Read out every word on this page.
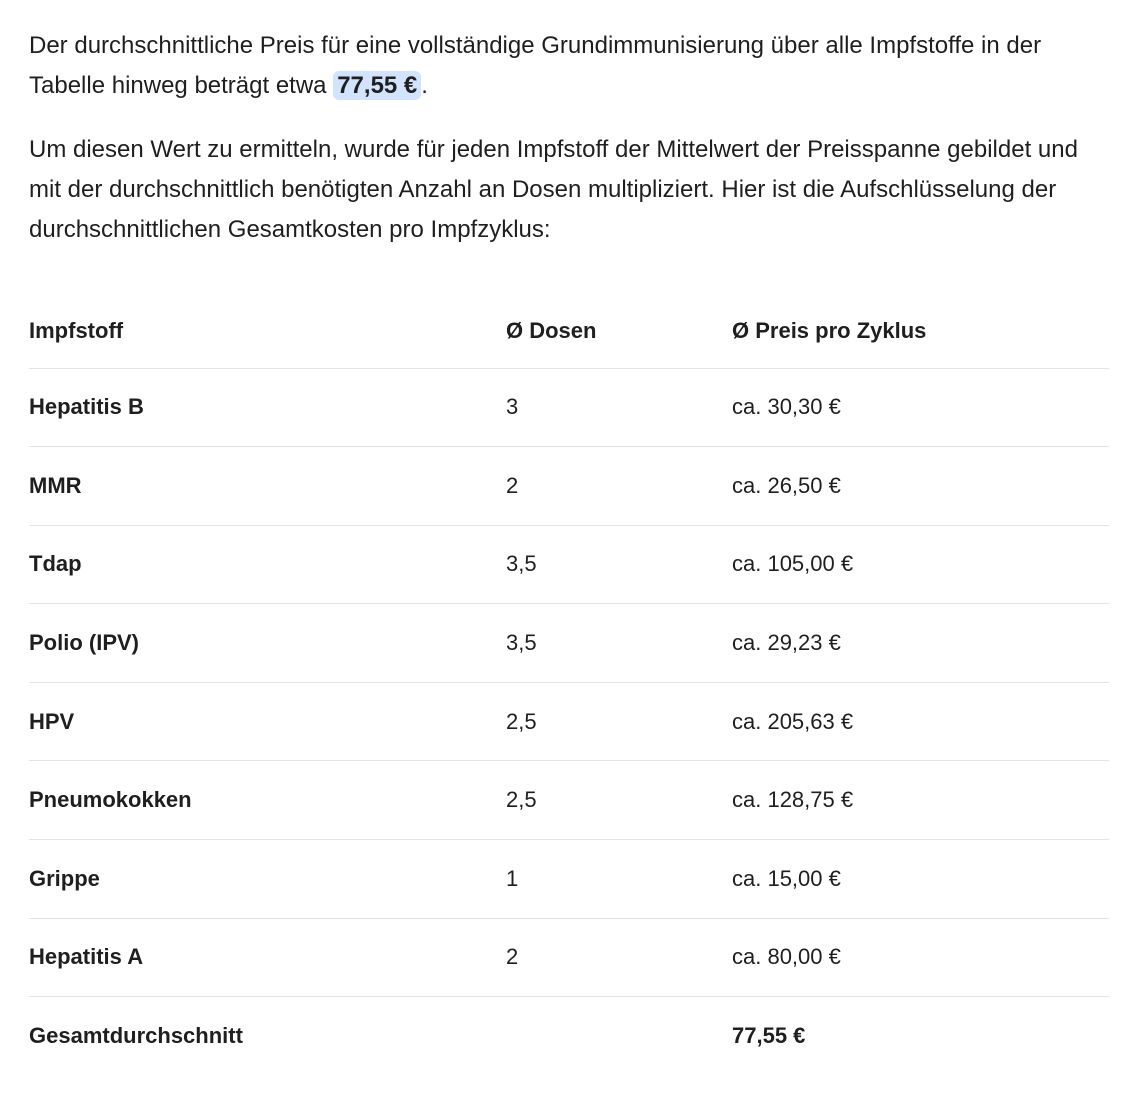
Der durchschnittliche Preis für eine vollständige Grundimmunisierung über alle Impfstoffe in der Tabelle hinweg beträgt etwa 77,55 € .

Um diesen Wert zu ermitteln, wurde für jeden Impfstoff der Mittelwert der Preisspanne gebildet und mit der durchschnittlich benötigten Anzahl an Dosen multipliziert. Hier ist die Aufschlüsselung der durchschnittlichen Gesamtkosten pro Impfzyklus:

Impfstoff	Ø Dosen	Ø Preis pro Zyklus
Hepatitis B	3	ca. 30,30 €
MMR	2	ca. 26,50 €
Tdap	3,5	ca. 105,00 €
Polio (IPV)	3,5	ca. 29,23 €
HPV	2,5	ca. 205,63 €
Pneumokokken	2,5	ca. 128,75 €
Grippe	1	ca. 15,00 €
Hepatitis A	2	ca. 80,00 €
Gesamtdurchschnitt		77,55 €
